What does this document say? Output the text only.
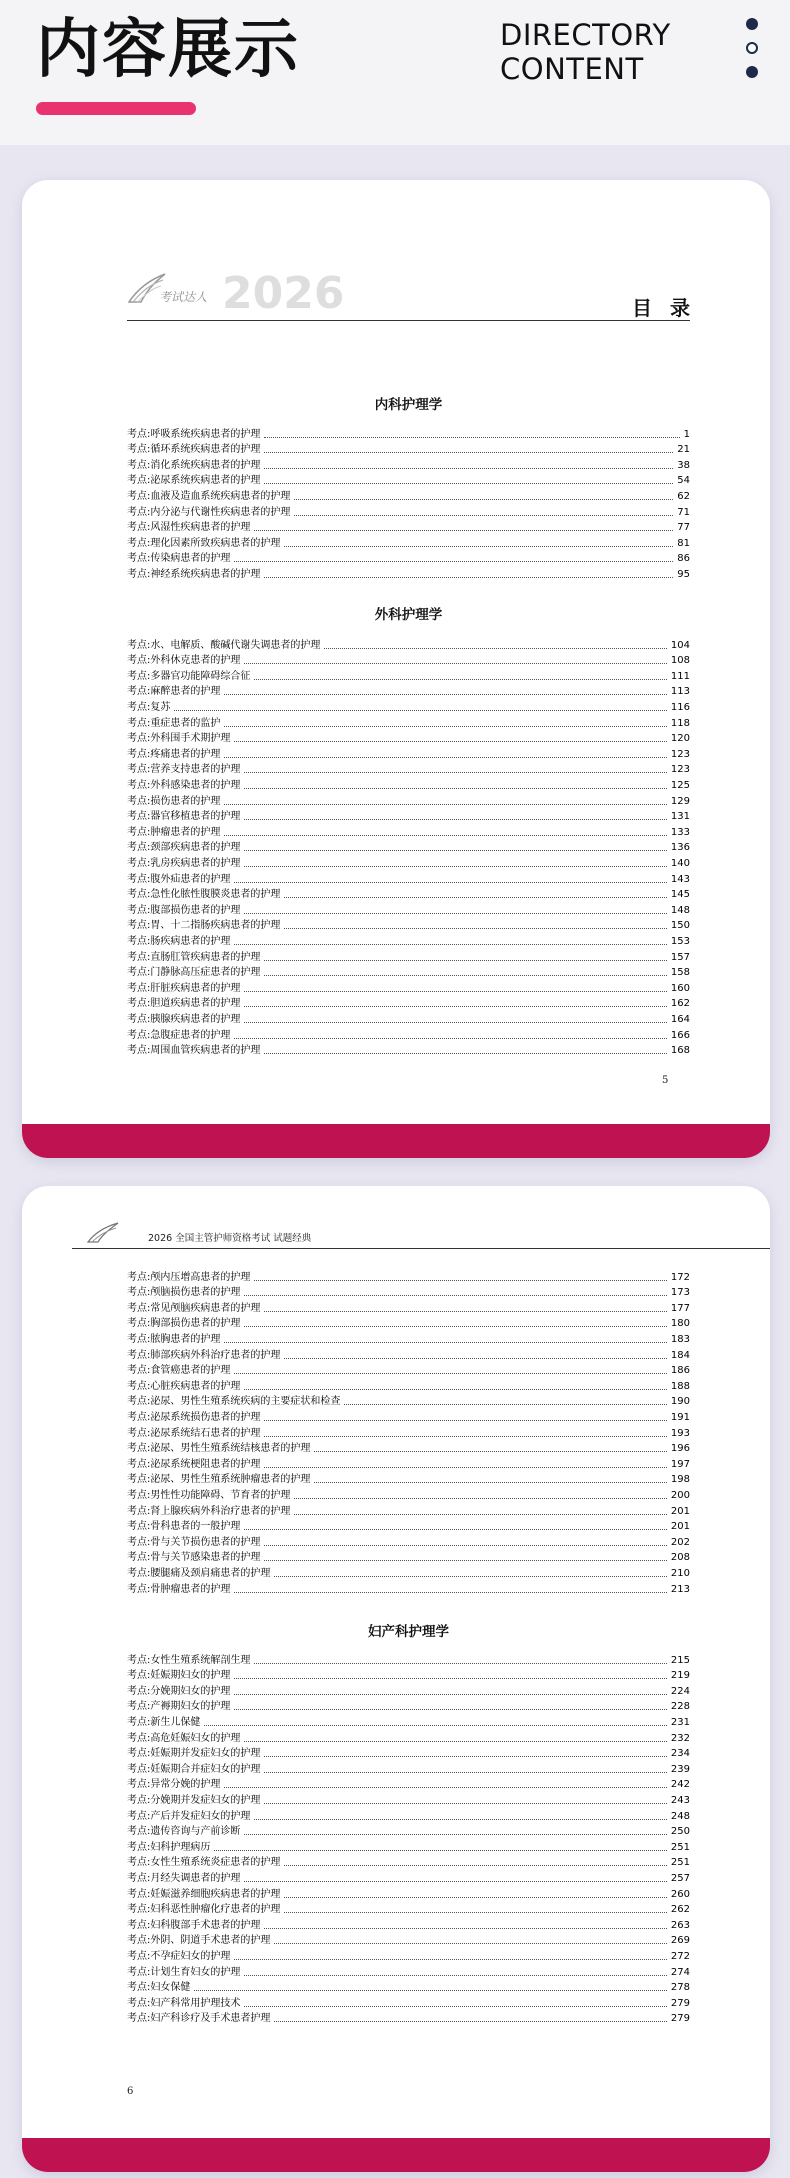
内容展示	DIRECTORY
CONTENT
考试达人 2026	目录
内科护理学
考点:呼吸系统疾病患者的护理	1
考点:循环系统疾病患者的护理	21
考点:消化系统疾病患者的护理	38
考点:泌尿系统疾病患者的护理	54
考点:血液及造血系统疾病患者的护理	62
考点:内分泌与代谢性疾病患者的护理	71
考点:风湿性疾病患者的护理	77
考点:理化因素所致疾病患者的护理	81
考点:传染病患者的护理	86
考点:神经系统疾病患者的护理	95
外科护理学
考点:水、电解质、酸碱代谢失调患者的护理	104
考点:外科休克患者的护理	108
考点:多器官功能障碍综合征	111
考点:麻醉患者的护理	113
考点:复苏	116
考点:重症患者的监护	118
考点:外科围手术期护理	120
考点:疼痛患者的护理	123
考点:营养支持患者的护理	123
考点:外科感染患者的护理	125
考点:损伤患者的护理	129
考点:器官移植患者的护理	131
考点:肿瘤患者的护理	133
考点:颈部疾病患者的护理	136
考点:乳房疾病患者的护理	140
考点:腹外疝患者的护理	143
考点:急性化脓性腹膜炎患者的护理	145
考点:腹部损伤患者的护理	148
考点:胃、十二指肠疾病患者的护理	150
考点:肠疾病患者的护理	153
考点:直肠肛管疾病患者的护理	157
考点:门静脉高压症患者的护理	158
考点:肝脏疾病患者的护理	160
考点:胆道疾病患者的护理	162
考点:胰腺疾病患者的护理	164
考点:急腹症患者的护理	166
考点:周围血管疾病患者的护理	168
5
2026 全国主管护师资格考试 试题经典
考点:颅内压增高患者的护理	172
考点:颅脑损伤患者的护理	173
考点:常见颅脑疾病患者的护理	177
考点:胸部损伤患者的护理	180
考点:脓胸患者的护理	183
考点:肺部疾病外科治疗患者的护理	184
考点:食管癌患者的护理	186
考点:心脏疾病患者的护理	188
考点:泌尿、男性生殖系统疾病的主要症状和检查	190
考点:泌尿系统损伤患者的护理	191
考点:泌尿系统结石患者的护理	193
考点:泌尿、男性生殖系统结核患者的护理	196
考点:泌尿系统梗阻患者的护理	197
考点:泌尿、男性生殖系统肿瘤患者的护理	198
考点:男性性功能障碍、节育者的护理	200
考点:肾上腺疾病外科治疗患者的护理	201
考点:骨科患者的一般护理	201
考点:骨与关节损伤患者的护理	202
考点:骨与关节感染患者的护理	208
考点:腰腿痛及颈肩痛患者的护理	210
考点:骨肿瘤患者的护理	213
妇产科护理学
考点:女性生殖系统解剖生理	215
考点:妊娠期妇女的护理	219
考点:分娩期妇女的护理	224
考点:产褥期妇女的护理	228
考点:新生儿保健	231
考点:高危妊娠妇女的护理	232
考点:妊娠期并发症妇女的护理	234
考点:妊娠期合并症妇女的护理	239
考点:异常分娩的护理	242
考点:分娩期并发症妇女的护理	243
考点:产后并发症妇女的护理	248
考点:遗传咨询与产前诊断	250
考点:妇科护理病历	251
考点:女性生殖系统炎症患者的护理	251
考点:月经失调患者的护理	257
考点:妊娠滋养细胞疾病患者的护理	260
考点:妇科恶性肿瘤化疗患者的护理	262
考点:妇科腹部手术患者的护理	263
考点:外阴、阴道手术患者的护理	269
考点:不孕症妇女的护理	272
考点:计划生育妇女的护理	274
考点:妇女保健	278
考点:妇产科常用护理技术	279
考点:妇产科诊疗及手术患者护理	279
6
